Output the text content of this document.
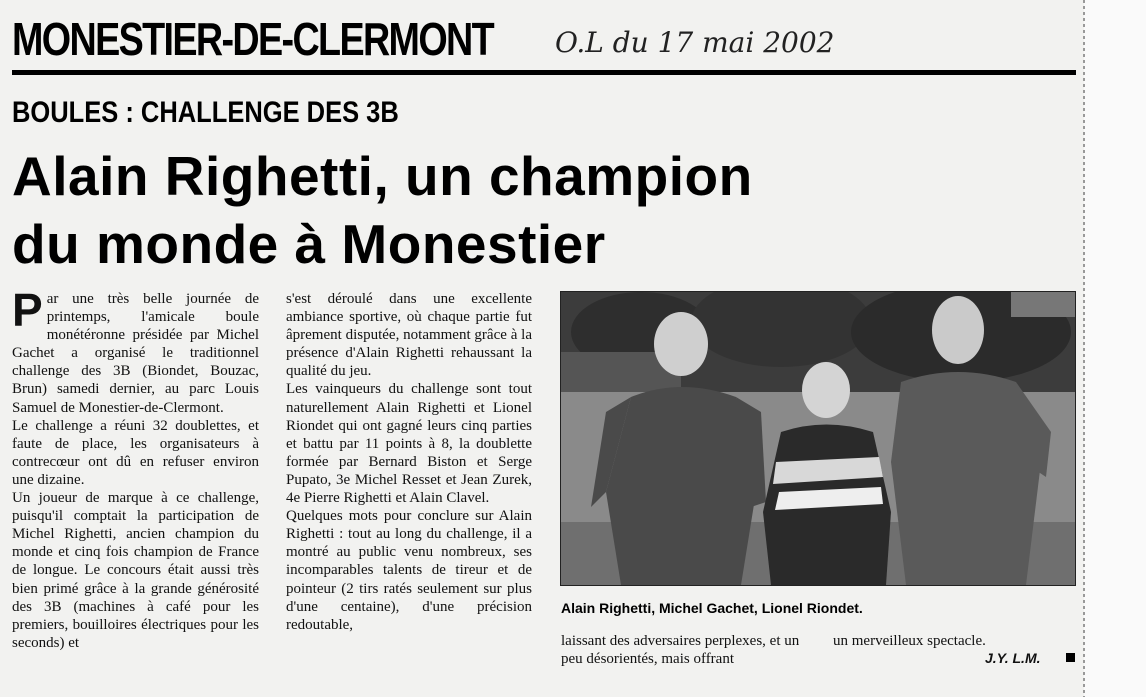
MONESTIER-DE-CLERMONT O.L du 17 mai 2002
BOULES : CHALLENGE DES 3B
Alain Righetti, un champion
du monde à Monestier

Par une très belle journée de printemps, l'amicale boule monétéronne présidée par Michel Gachet a organisé le traditionnel challenge des 3B (Biondet, Bouzac, Brun) samedi dernier, au parc Louis Samuel de Monestier-de-Clermont.

Le challenge a réuni 32 doublettes, et faute de place, les organisateurs à contrecœur ont dû en refuser environ une dizaine.

Un joueur de marque à ce challenge, puisqu'il comptait la participation de Michel Righetti, ancien champion du monde et cinq fois champion de France de longue. Le concours était aussi très bien primé grâce à la grande générosité des 3B (machines à café pour les premiers, bouilloires électriques pour les seconds) et

s'est déroulé dans une excellente ambiance sportive, où chaque partie fut âprement disputée, notamment grâce à la présence d'Alain Righetti rehaussant la qualité du jeu.

Les vainqueurs du challenge sont tout naturellement Alain Righetti et Lionel Riondet qui ont gagné leurs cinq parties et battu par 11 points à 8, la doublette formée par Bernard Biston et Serge Pupato, 3e Michel Resset et Jean Zurek, 4e Pierre Righetti et Alain Clavel.

Quelques mots pour conclure sur Alain Righetti : tout au long du challenge, il a montré au public venu nombreux, ses incomparables talents de tireur et de pointeur (2 tirs ratés seulement sur plus d'une centaine), d'une précision redoutable,

Alain Righetti, Michel Gachet, Lionel Riondet.
laissant des adversaires perplexes, et un peu désorientés, mais offrant
un merveilleux spectacle.
J.Y. L.M.
